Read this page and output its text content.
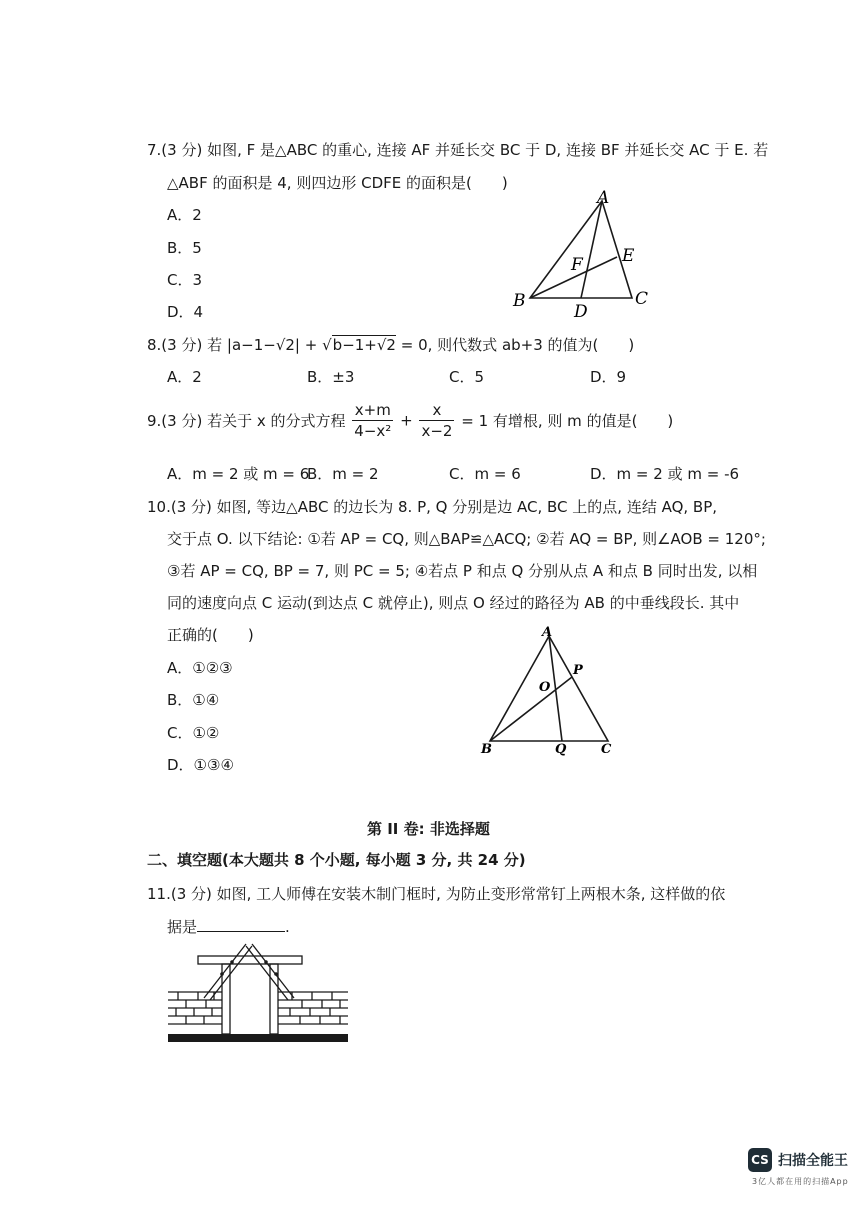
7.(3 分) 如图, F 是△ABC 的重心, 连接 AF 并延长交 BC 于 D, 连接 BF 并延长交 AC 于 E. 若
△ABF 的面积是 4, 则四边形 CDFE 的面积是(　　)
A．2
B．5
C．3
D．4
A
B	C
D
E
F
8.(3 分) 若 |a−1−√2| + √b−1+√2 = 0, 则代数式 ab+3 的值为(　　)
A．2	B．±3	C．5	D．9
9.(3 分) 若关于 x 的分式方程 $\frac{x+m}{\text{4−x²}} + \frac{x}{x-2} = 1$ 有增根, 则 m 的值是(　　)
A．m = 2 或 m = 6
B．m = 2	C．m = 6	D．m = 2 或 m = -6
10.(3 分) 如图, 等边△ABC 的边长为 8. P, Q 分别是边 AC, BC 上的点, 连结 AQ, BP,
交于点 O. 以下结论: ①若 AP = CQ, 则△BAP≌△ACQ; ②若 AQ = BP, 则∠AOB = 120°;
③若 AP = CQ, BP = 7, 则 PC = 5; ④若点 P 和点 Q 分别从点 A 和点 B 同时出发, 以相
同的速度向点 C 运动(到达点 C 就停止), 则点 O 经过的路径为 AB 的中垂线段长. 其中
正确的(　　)
A．①②③
B．①④
C．①②
D．①③④
A
B	C
P
Q
O
第 II 卷: 非选择题
二、填空题(本大题共 8 个小题, 每小题 3 分, 共 24 分)
11.(3 分) 如图, 工人师傅在安装木制门框时, 为防止变形常常钉上两根木条, 这样做的依
据是	.
CS 扫描全能王
3亿人都在用的扫描App
